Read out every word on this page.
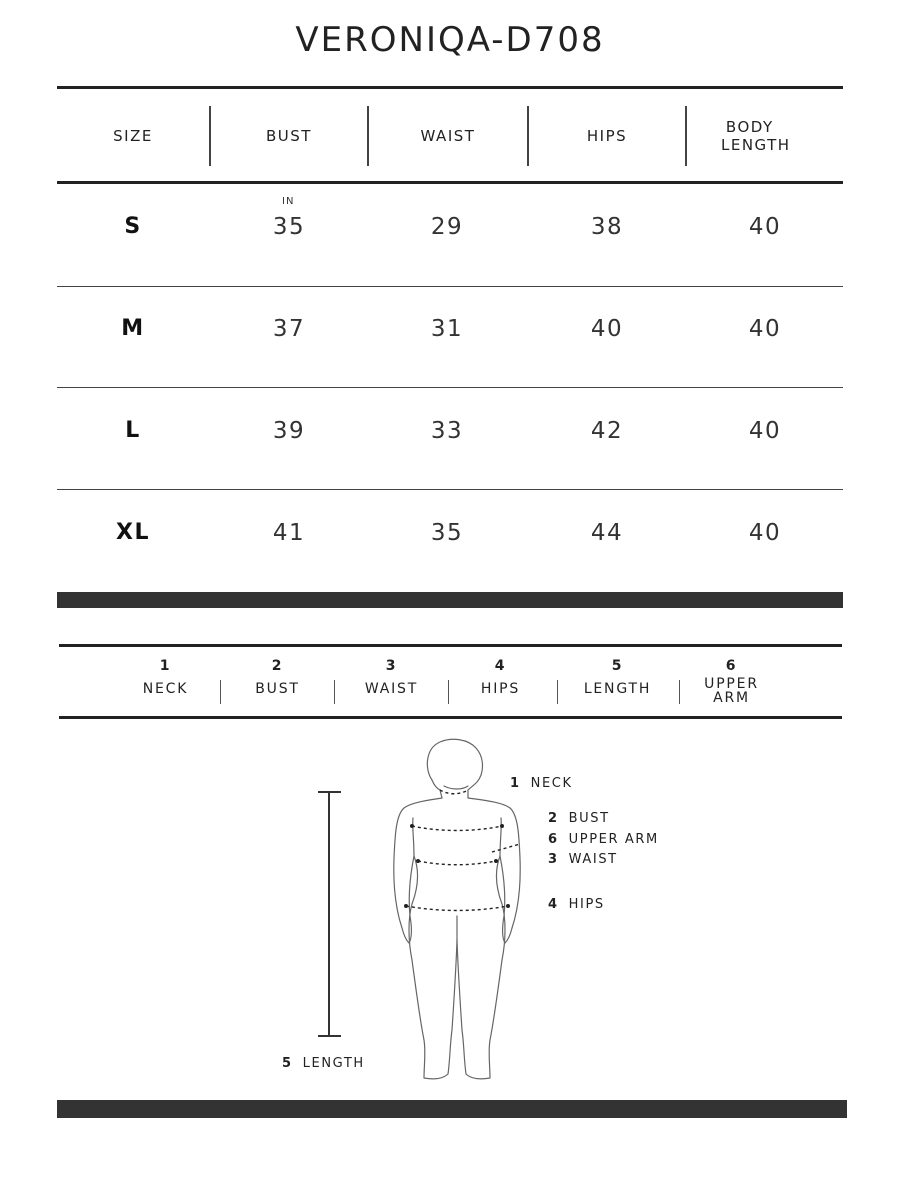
VERONIQA-D708
SIZE	BUST	WAIST	HIPS	BODY
LENGTH
IN
S	35	29	38	40
M	37	31	40	40
L	39	33	42	40
XL	41	35	44	40
1
NECK
2
BUST
3
WAIST
4
HIPS
5
LENGTH
6
UPPER
ARM
1 NECK
2 BUST
6 UPPER ARM
3 WAIST
4 HIPS
5 LENGTH
